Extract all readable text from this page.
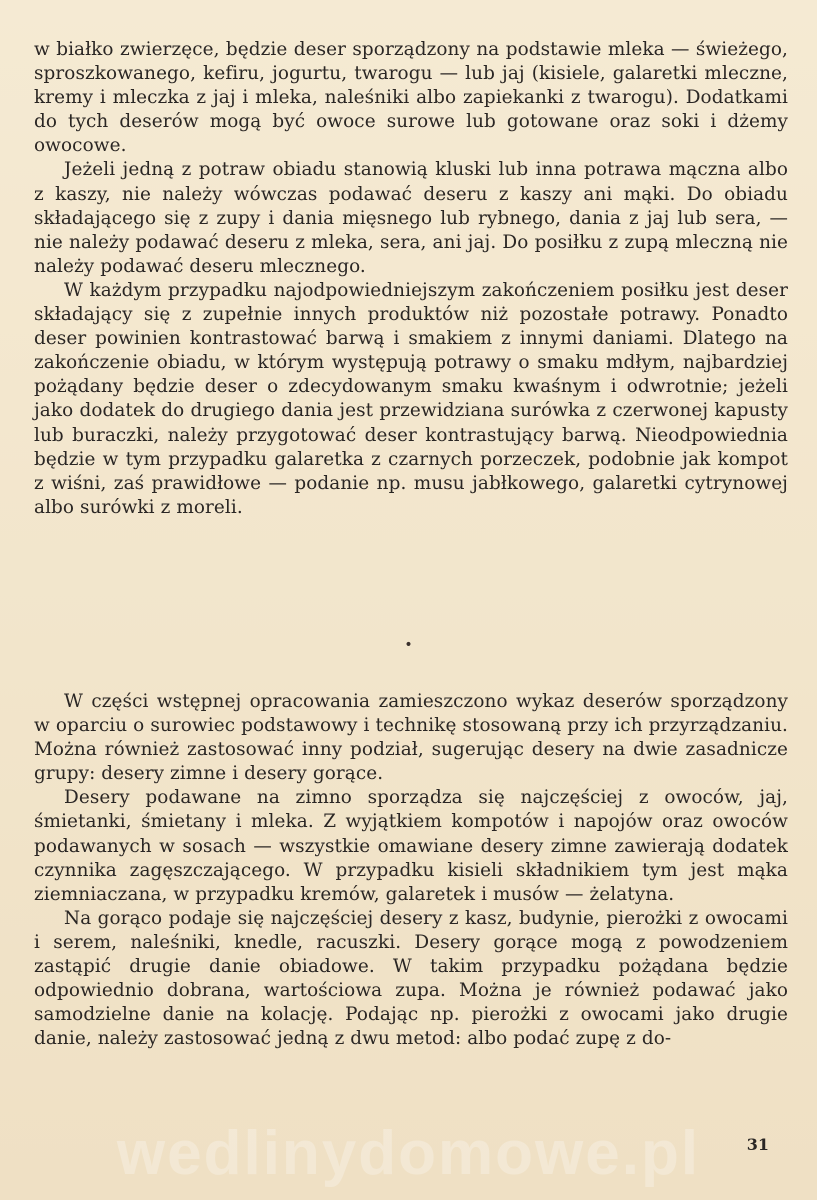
w białko zwierzęce, będzie deser sporządzony na podstawie mleka — świeżego, sproszkowanego, kefiru, jogurtu, twarogu — lub jaj (kisiele, galaretki mleczne, kremy i mleczka z jaj i mleka, naleśniki albo zapiekanki z twarogu). Dodatkami do tych deserów mogą być owoce surowe lub gotowane oraz soki i dżemy owocowe.

Jeżeli jedną z potraw obiadu stanowią kluski lub inna potrawa mączna albo z kaszy, nie należy wówczas podawać deseru z kaszy ani mąki. Do obiadu składającego się z zupy i dania mięsnego lub rybnego, dania z jaj lub sera, — nie należy podawać deseru z mleka, sera, ani jaj. Do posiłku z zupą mleczną nie należy podawać deseru mlecznego.

W każdym przypadku najodpowiedniejszym zakończeniem posiłku jest deser składający się z zupełnie innych produktów niż pozostałe potrawy. Ponadto deser powinien kontrastować barwą i smakiem z innymi daniami. Dlatego na zakończenie obiadu, w którym występują potrawy o smaku mdłym, najbardziej pożądany będzie deser o zdecydowanym smaku kwaśnym i odwrotnie; jeżeli jako dodatek do drugiego dania jest przewidziana surówka z czerwonej kapusty lub buraczki, należy przygotować deser kontrastujący barwą. Nieodpowiednia będzie w tym przypadku galaretka z czarnych porzeczek, podobnie jak kompot z wiśni, zaś prawidłowe — podanie np. musu jabłkowego, galaretki cytrynowej albo surówki z moreli.

•

W części wstępnej opracowania zamieszczono wykaz deserów sporządzony w oparciu o surowiec podstawowy i technikę stosowaną przy ich przyrządzaniu. Można również zastosować inny podział, sugerując desery na dwie zasadnicze grupy: desery zimne i desery gorące.

Desery podawane na zimno sporządza się najczęściej z owoców, jaj, śmietanki, śmietany i mleka. Z wyjątkiem kompotów i napojów oraz owoców podawanych w sosach — wszystkie omawiane desery zimne zawierają dodatek czynnika zagęszczającego. W przypadku kisieli składnikiem tym jest mąka ziemniaczana, w przypadku kremów, galaretek i musów — żelatyna.

Na gorąco podaje się najczęściej desery z kasz, budynie, pierożki z owocami i serem, naleśniki, knedle, racuszki. Desery gorące mogą z powodzeniem zastąpić drugie danie obiadowe. W takim przypadku pożądana będzie odpowiednio dobrana, wartościowa zupa. Można je również podawać jako samodzielne danie na kolację. Podając np. pierożki z owocami jako drugie danie, należy zastosować jedną z dwu metod: albo podać zupę z do-

wedlinydomowe.pl	31
